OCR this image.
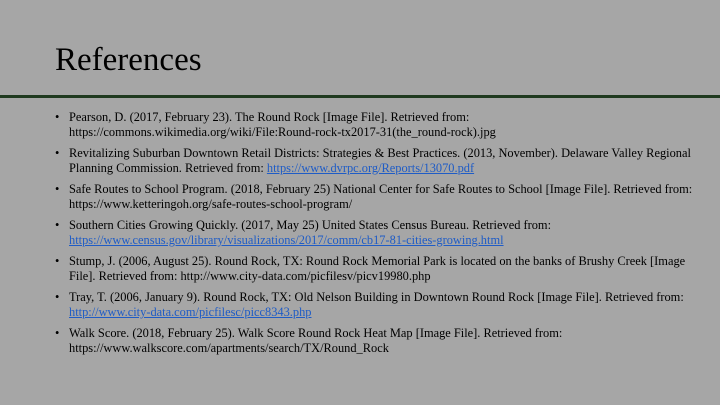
References
• Pearson, D. (2017, February 23). The Round Rock [Image File]. Retrieved from: https://commons.wikimedia.org/wiki/File:Round-rock-tx2017-31(the_round-rock).jpg
• Revitalizing Suburban Downtown Retail Districts: Strategies & Best Practices. (2013, November). Delaware Valley Regional Planning Commission. Retrieved from: https://www.dvrpc.org/Reports/13070.pdf
• Safe Routes to School Program. (2018, February 25) National Center for Safe Routes to School [Image File]. Retrieved from: https://www.ketteringoh.org/safe-routes-school-program/
• Southern Cities Growing Quickly. (2017, May 25) United States Census Bureau. Retrieved from: https://www.census.gov/library/visualizations/2017/comm/cb17-81-cities-growing.html
• Stump, J. (2006, August 25). Round Rock, TX: Round Rock Memorial Park is located on the banks of Brushy Creek [Image File]. Retrieved from: http://www.city-data.com/picfilesv/picv19980.php
• Tray, T. (2006, January 9). Round Rock, TX: Old Nelson Building in Downtown Round Rock [Image File]. Retrieved from: http://www.city-data.com/picfilesc/picc8343.php
• Walk Score. (2018, February 25). Walk Score Round Rock Heat Map [Image File]. Retrieved from: https://www.walkscore.com/apartments/search/TX/Round_Rock
